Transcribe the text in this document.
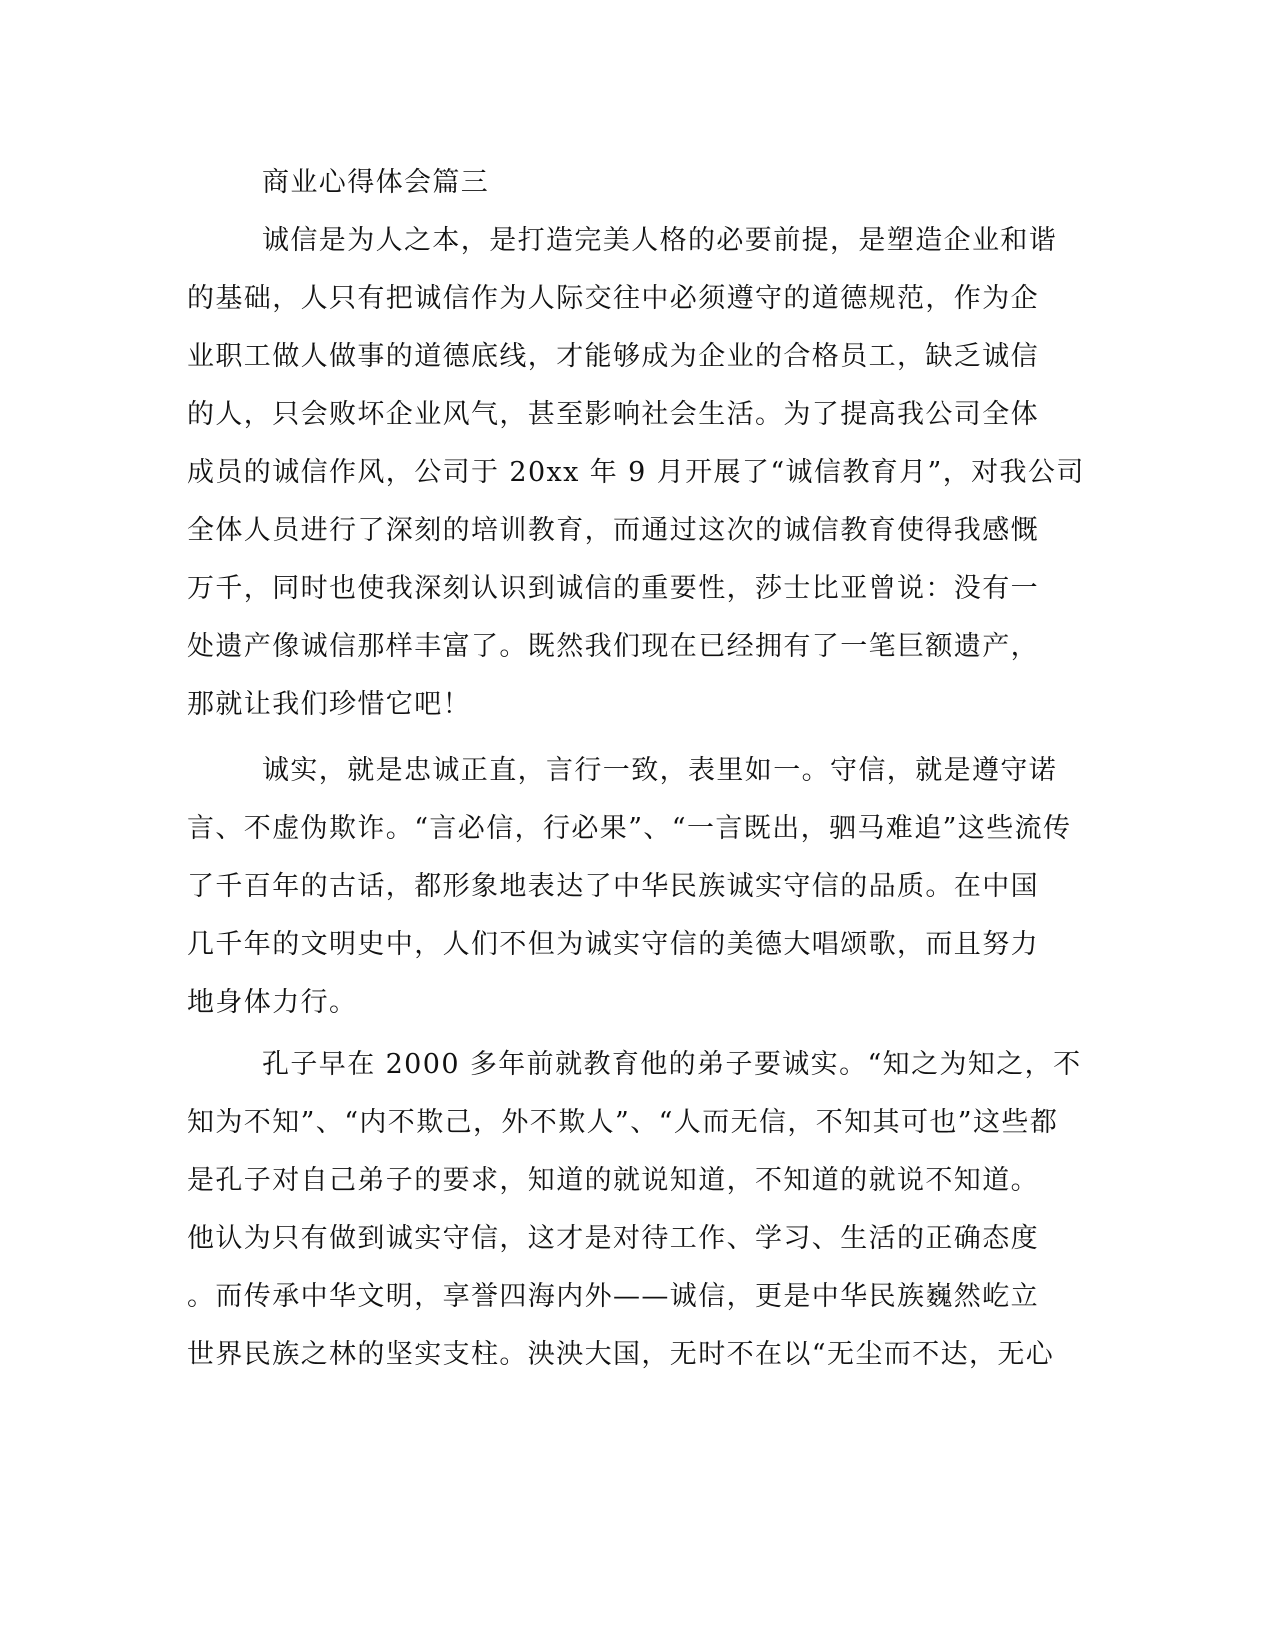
商业心得体会篇三

诚信是为人之本，是打造完美人格的必要前提，是塑造企业和谐

的基础，人只有把诚信作为人际交往中必须遵守的道德规范，作为企

业职工做人做事的道德底线，才能够成为企业的合格员工，缺乏诚信

的人，只会败坏企业风气，甚至影响社会生活。为了提高我公司全体

成员的诚信作风，公司于 20xx 年 9 月开展了“诚信教育月”，对我公司

全体人员进行了深刻的培训教育，而通过这次的诚信教育使得我感慨

万千，同时也使我深刻认识到诚信的重要性，莎士比亚曾说：没有一

处遗产像诚信那样丰富了。既然我们现在已经拥有了一笔巨额遗产，

那就让我们珍惜它吧！

诚实，就是忠诚正直，言行一致，表里如一。守信，就是遵守诺

言、不虚伪欺诈。“言必信，行必果”、“一言既出，驷马难追”这些流传

了千百年的古话，都形象地表达了中华民族诚实守信的品质。在中国

几千年的文明史中，人们不但为诚实守信的美德大唱颂歌，而且努力

地身体力行。

孔子早在 2000 多年前就教育他的弟子要诚实。“知之为知之，不

知为不知”、“内不欺己，外不欺人”、“人而无信，不知其可也”这些都

是孔子对自己弟子的要求，知道的就说知道，不知道的就说不知道。

他认为只有做到诚实守信，这才是对待工作、学习、生活的正确态度

。而传承中华文明，享誉四海内外——诚信，更是中华民族巍然屹立

世界民族之林的坚实支柱。泱泱大国，无时不在以“无尘而不达，无心
